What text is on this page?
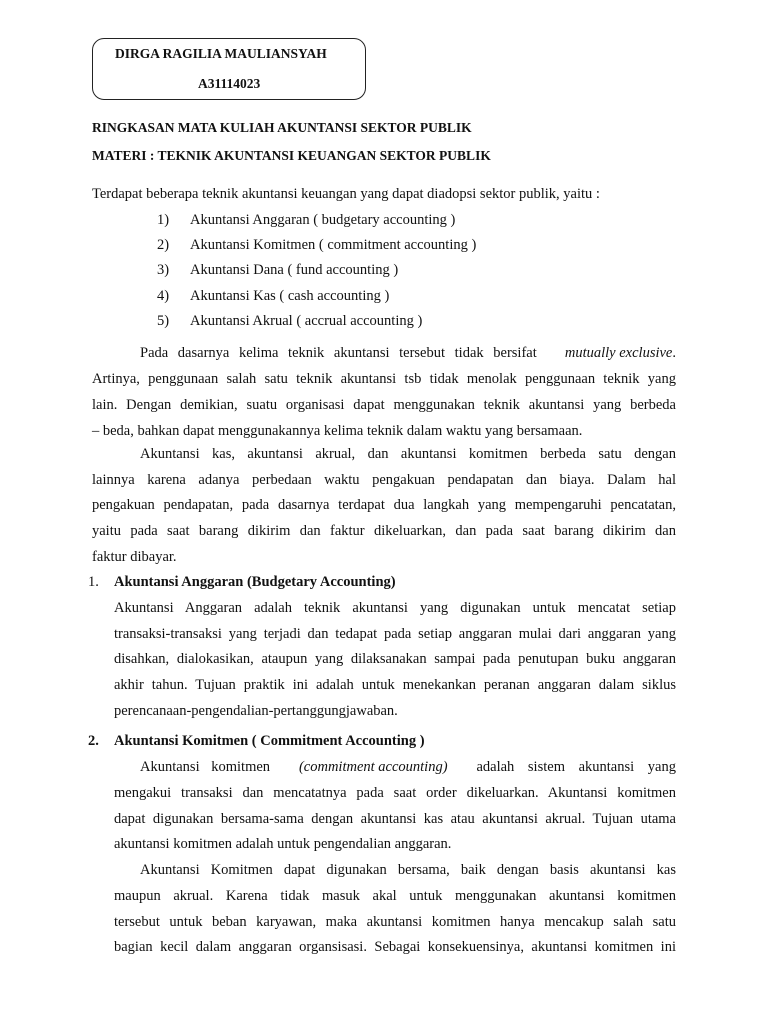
DIRGA RAGILIA MAULIANSYAH
A31114023
RINGKASAN MATA KULIAH AKUNTANSI SEKTOR PUBLIK
MATERI : TEKNIK AKUNTANSI KEUANGAN SEKTOR PUBLIK
Terdapat beberapa teknik akuntansi keuangan yang dapat diadopsi sektor publik, yaitu :
1) Akuntansi Anggaran ( budgetary accounting )
2) Akuntansi Komitmen ( commitment accounting )
3) Akuntansi Dana ( fund accounting )
4) Akuntansi Kas ( cash accounting )
5) Akuntansi Akrual ( accrual accounting )
Pada dasarnya kelima teknik akuntansi tersebut tidak bersifat mutually exclusive.
Artinya, penggunaan salah satu teknik akuntansi tsb tidak menolak penggunaan teknik yang
lain. Dengan demikian, suatu organisasi dapat menggunakan teknik akuntansi yang berbeda
– beda, bahkan dapat menggunakannya kelima teknik dalam waktu yang bersamaan.
Akuntansi kas, akuntansi akrual, dan akuntansi komitmen berbeda satu dengan
lainnya karena adanya perbedaan waktu pengakuan pendapatan dan biaya. Dalam hal
pengakuan pendapatan, pada dasarnya terdapat dua langkah yang mempengaruhi pencatatan,
yaitu pada saat barang dikirim dan faktur dikeluarkan, dan pada saat barang dikirim dan
faktur dibayar.
1. Akuntansi Anggaran (Budgetary Accounting)
Akuntansi Anggaran adalah teknik akuntansi yang digunakan untuk mencatat setiap
transaksi-transaksi yang terjadi dan tedapat pada setiap anggaran mulai dari anggaran yang
disahkan, dialokasikan, ataupun yang dilaksanakan sampai pada penutupan buku anggaran
akhir tahun. Tujuan praktik ini adalah untuk menekankan peranan anggaran dalam siklus
perencanaan-pengendalian-pertanggungjawaban.
2. Akuntansi Komitmen ( Commitment Accounting )
Akuntansi komitmen (commitment accounting) adalah sistem akuntansi yang
mengakui transaksi dan mencatatnya pada saat order dikeluarkan. Akuntansi komitmen
dapat digunakan bersama-sama dengan akuntansi kas atau akuntansi akrual. Tujuan utama
akuntansi komitmen adalah untuk pengendalian anggaran.
Akuntansi Komitmen dapat digunakan bersama, baik dengan basis akuntansi kas
maupun akrual. Karena tidak masuk akal untuk menggunakan akuntansi komitmen
tersebut untuk beban karyawan, maka akuntansi komitmen hanya mencakup salah satu
bagian kecil dalam anggaran organsisasi. Sebagai konsekuensinya, akuntansi komitmen ini
